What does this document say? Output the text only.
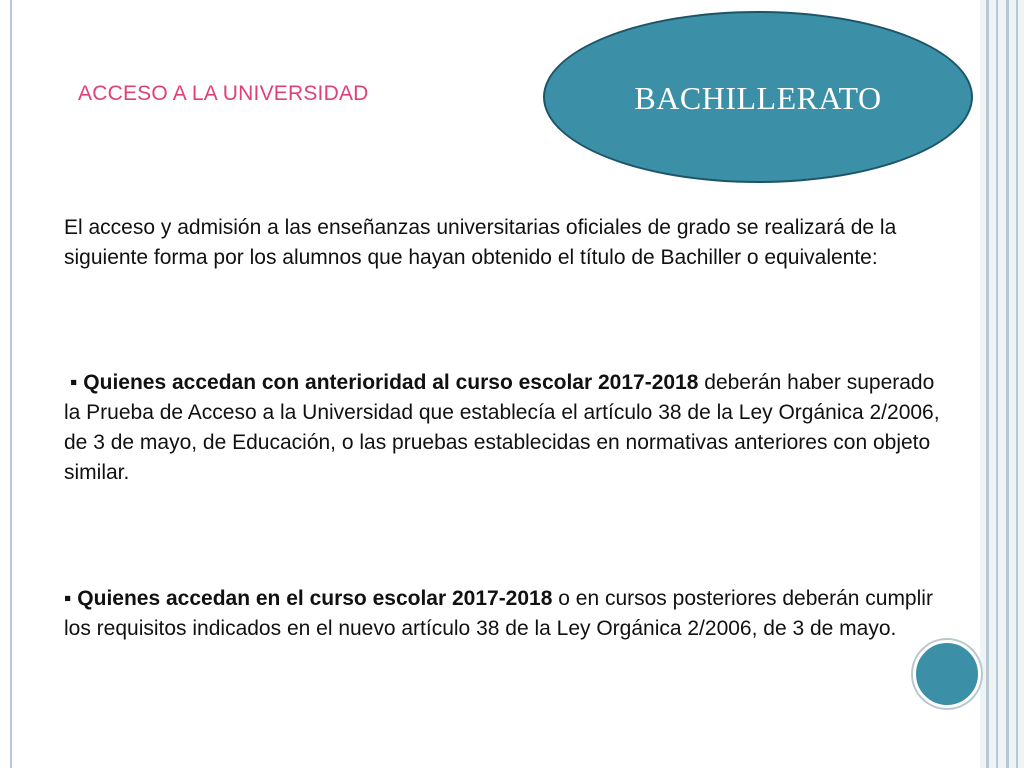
ACCESO A LA UNIVERSIDAD	BACHILLERATO

El acceso y admisión a las enseñanzas universitarias oficiales de grado se realizará de la siguiente forma por los alumnos que hayan obtenido el título de Bachiller o equivalente:

▪ Quienes accedan con anterioridad al curso escolar 2017-2018 deberán haber superado la Prueba de Acceso a la Universidad que establecía el artículo 38 de la Ley Orgánica 2/2006, de 3 de mayo, de Educación, o las pruebas establecidas en normativas anteriores con objeto similar.

▪ Quienes accedan en el curso escolar 2017-2018 o en cursos posteriores deberán cumplir los requisitos indicados en el nuevo artículo 38 de la Ley Orgánica 2/2006, de 3 de mayo.
